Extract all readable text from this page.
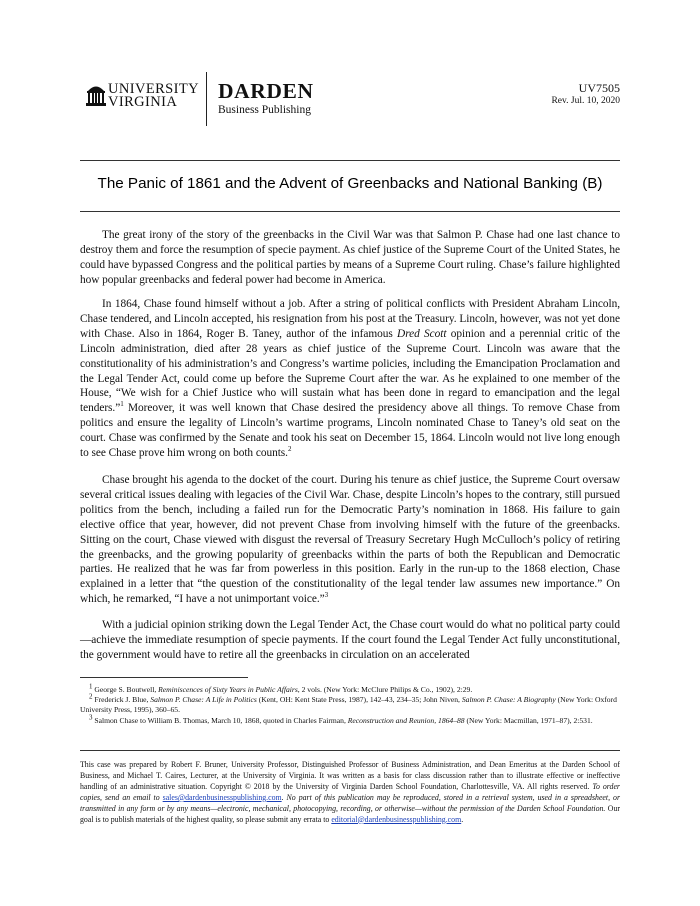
UNIVERSITY
VIRGINIA DARDEN
Business Publishing
UV7505
Rev. Jul. 10, 2020
The Panic of 1861 and the Advent of Greenbacks and National Banking (B)

The great irony of the story of the greenbacks in the Civil War was that Salmon P. Chase had one last chance to destroy them and force the resumption of specie payment. As chief justice of the Supreme Court of the United States, he could have bypassed Congress and the political parties by means of a Supreme Court ruling. Chase’s failure highlighted how popular greenbacks and federal power had become in America.

In 1864, Chase found himself without a job. After a string of political conflicts with President Abraham Lincoln, Chase tendered, and Lincoln accepted, his resignation from his post at the Treasury. Lincoln, however, was not yet done with Chase. Also in 1864, Roger B. Taney, author of the infamous Dred Scott opinion and a perennial critic of the Lincoln administration, died after 28 years as chief justice of the Supreme Court. Lincoln was aware that the constitutionality of his administration’s and Congress’s wartime policies, including the Emancipation Proclamation and the Legal Tender Act, could come up before the Supreme Court after the war. As he explained to one member of the House, “We wish for a Chief Justice who will sustain what has been done in regard to emancipation and the legal tenders.”$^1$ Moreover, it was well known that Chase desired the presidency above all things. To remove Chase from politics and ensure the legality of Lincoln’s wartime programs, Lincoln nominated Chase to Taney’s old seat on the court. Chase was confirmed by the Senate and took his seat on December 15, 1864. Lincoln would not live long enough to see Chase prove him wrong on both counts.$^2$

Chase brought his agenda to the docket of the court. During his tenure as chief justice, the Supreme Court oversaw several critical issues dealing with legacies of the Civil War. Chase, despite Lincoln’s hopes to the contrary, still pursued politics from the bench, including a failed run for the Democratic Party’s nomination in 1868. His failure to gain elective office that year, however, did not prevent Chase from involving himself with the future of the greenbacks. Sitting on the court, Chase viewed with disgust the reversal of Treasury Secretary Hugh McCulloch’s policy of retiring the greenbacks, and the growing popularity of greenbacks within the parts of both the Republican and Democratic parties. He realized that he was far from powerless in this position. Early in the run-up to the 1868 election, Chase explained in a letter that “the question of the constitutionality of the legal tender law assumes new importance.” On which, he remarked, “I have a not unimportant voice.”$^3$

With a judicial opinion striking down the Legal Tender Act, the Chase court would do what no political party could—achieve the immediate resumption of specie payments. If the court found the Legal Tender Act fully unconstitutional, the government would have to retire all the greenbacks in circulation on an accelerated

$^1$ George S. Boutwell, Reminiscences of Sixty Years in Public Affairs, 2 vols. (New York: McClure Philips & Co., 1902), 2:29.

$^2$ Frederick J. Blue, Salmon P. Chase: A Life in Politics (Kent, OH: Kent State Press, 1987), 142–43, 234–35; John Niven, Salmon P. Chase: A Biography (New York: Oxford University Press, 1995), 360–65.

$^3$ Salmon Chase to William B. Thomas, March 10, 1868, quoted in Charles Fairman, Reconstruction and Reunion, 1864–88 (New York: Macmillan, 1971–87), 2:531.

This case was prepared by Robert F. Bruner, University Professor, Distinguished Professor of Business Administration, and Dean Emeritus at the Darden School of Business, and Michael T. Caires, Lecturer, at the University of Virginia. It was written as a basis for class discussion rather than to illustrate effective or ineffective handling of an administrative situation. Copyright © 2018 by the University of Virginia Darden School Foundation, Charlottesville, VA. All rights reserved. To order copies, send an email to sales@dardenbusinesspublishing.com. No part of this publication may be reproduced, stored in a retrieval system, used in a spreadsheet, or transmitted in any form or by any means—electronic, mechanical, photocopying, recording, or otherwise—without the permission of the Darden School Foundation. Our goal is to publish materials of the highest quality, so please submit any errata to editorial@dardenbusinesspublishing.com.
